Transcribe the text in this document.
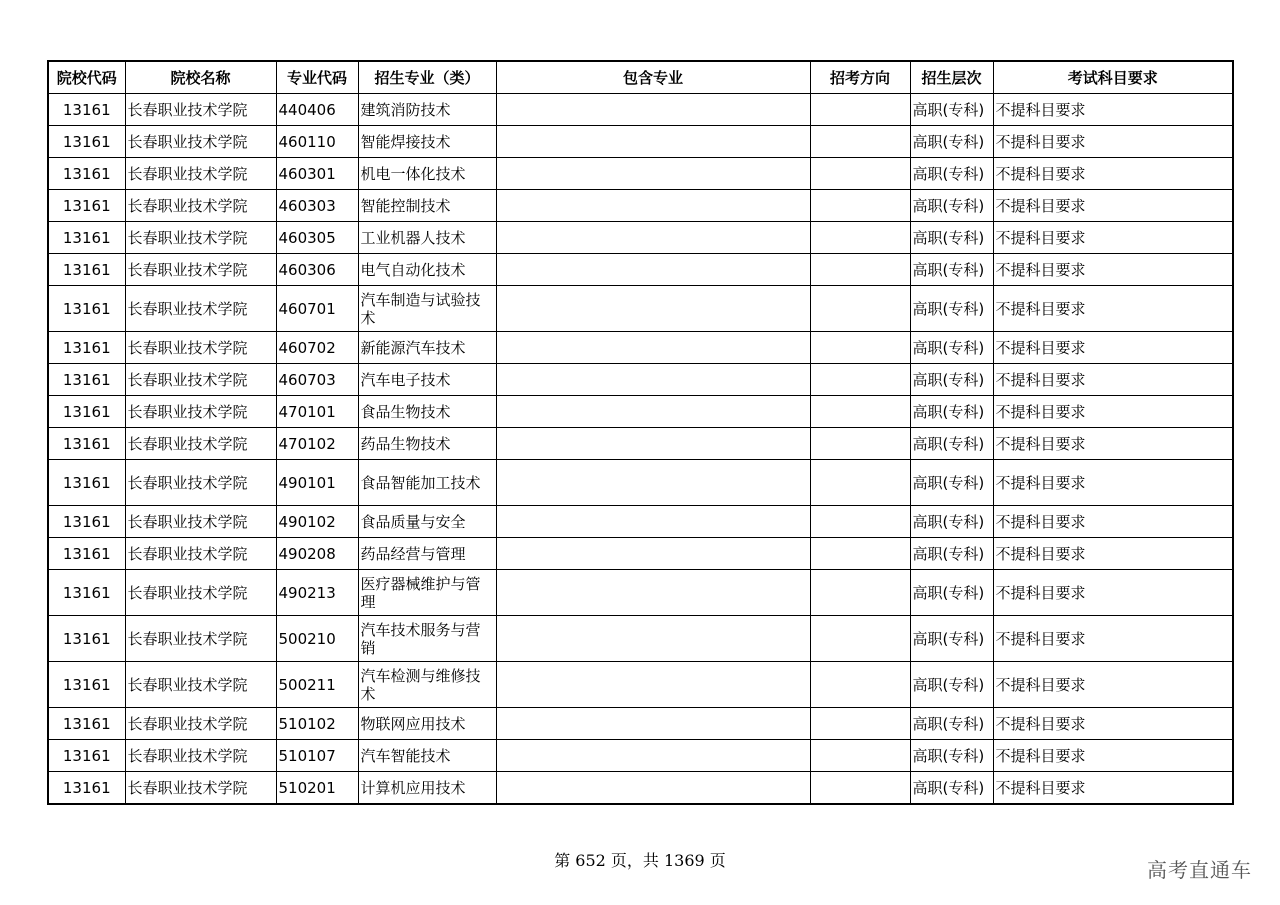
院校代码	院校名称	专业代码	招生专业（类）	包含专业	招考方向	招生层次	考试科目要求
13161	长春职业技术学院	440406	建筑消防技术			高职(专科)	不提科目要求
13161	长春职业技术学院	460110	智能焊接技术			高职(专科)	不提科目要求
13161	长春职业技术学院	460301	机电一体化技术			高职(专科)	不提科目要求
13161	长春职业技术学院	460303	智能控制技术			高职(专科)	不提科目要求
13161	长春职业技术学院	460305	工业机器人技术			高职(专科)	不提科目要求
13161	长春职业技术学院	460306	电气自动化技术			高职(专科)	不提科目要求
13161	长春职业技术学院	460701	汽车制造与试验技术			高职(专科)	不提科目要求
13161	长春职业技术学院	460702	新能源汽车技术			高职(专科)	不提科目要求
13161	长春职业技术学院	460703	汽车电子技术			高职(专科)	不提科目要求
13161	长春职业技术学院	470101	食品生物技术			高职(专科)	不提科目要求
13161	长春职业技术学院	470102	药品生物技术			高职(专科)	不提科目要求
13161	长春职业技术学院	490101	食品智能加工技术			高职(专科)	不提科目要求
13161	长春职业技术学院	490102	食品质量与安全			高职(专科)	不提科目要求
13161	长春职业技术学院	490208	药品经营与管理			高职(专科)	不提科目要求
13161	长春职业技术学院	490213	医疗器械维护与管理			高职(专科)	不提科目要求
13161	长春职业技术学院	500210	汽车技术服务与营销			高职(专科)	不提科目要求
13161	长春职业技术学院	500211	汽车检测与维修技术			高职(专科)	不提科目要求
13161	长春职业技术学院	510102	物联网应用技术			高职(专科)	不提科目要求
13161	长春职业技术学院	510107	汽车智能技术			高职(专科)	不提科目要求
13161	长春职业技术学院	510201	计算机应用技术			高职(专科)	不提科目要求
第 652 页，共 1369 页	高考直通车
